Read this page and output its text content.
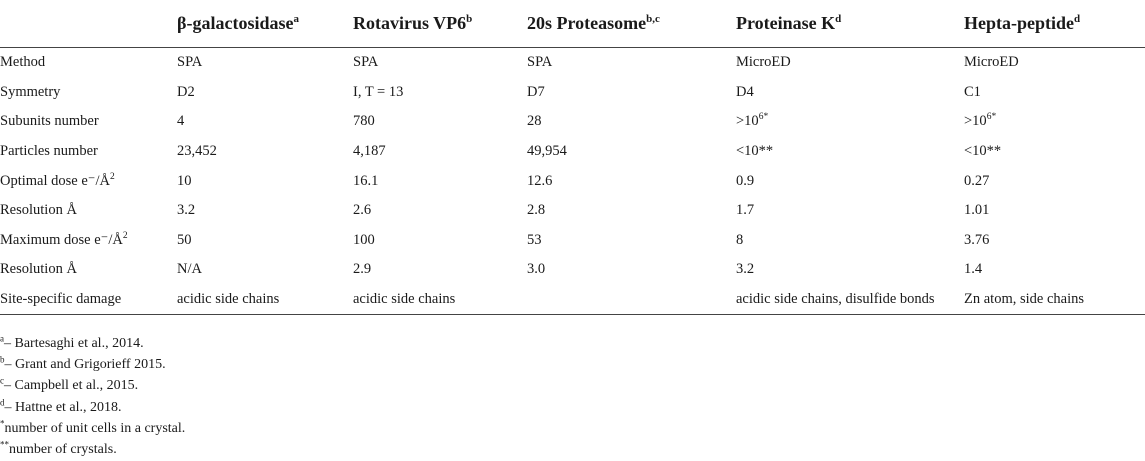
	β-galactosidase$^a$	Rotavirus VP6$^b$	20s Proteasome$^{b,c}$	Proteinase $K^d$	Hepta-peptide$^d$
Method	SPA	SPA	SPA	MicroED	MicroED
Symmetry	D2	I, T = 13	D7	D4	C1
Subunits number	4	780	28	$>10^{6*}$	$>10^{6*}$
Particles number	23,452	4,187	49,954	<10**	<10**
Optimal dose $e^-/Å^2$	10	16.1	12.6	0.9	0.27
Resolution Å	3.2	2.6	2.8	1.7	1.01
Maximum dose $e^-/Å^2$	50	100	53	8	3.76
Resolution Å	N/A	2.9	3.0	3.2	1.4
Site-specific damage	acidic side chains	acidic side chains		acidic side chains, disulfide bonds	Zn atom, side chains
$^a$– Bartesaghi et al., 2014.
$^b$– Grant and Grigorieff 2015.
$^c$– Campbell et al., 2015.
$^d$– Hattne et al., 2018.
*number of unit cells in a crystal.
**number of crystals.
